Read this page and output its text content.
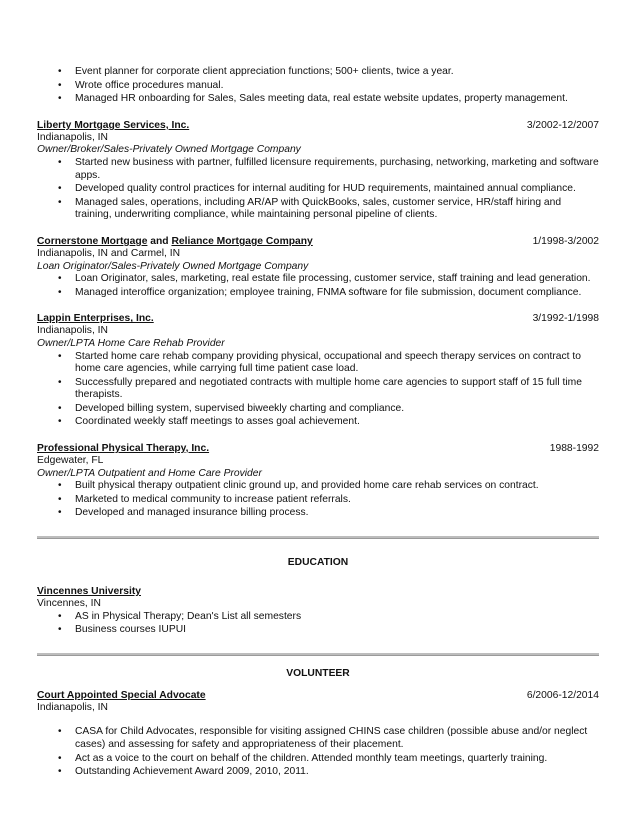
• Event planner for corporate client appreciation functions; 500+ clients, twice a year.
• Wrote office procedures manual.
• Managed HR onboarding for Sales, Sales meeting data, real estate website updates, property management.
Liberty Mortgage Services, Inc.	3/2002-12/2007
Indianapolis, IN
Owner/Broker/Sales-Privately Owned Mortgage Company
• Started new business with partner, fulfilled licensure requirements, purchasing, networking, marketing and software apps.
• Developed quality control practices for internal auditing for HUD requirements, maintained annual compliance.
• Managed sales, operations, including AR/AP with QuickBooks, sales, customer service, HR/staff hiring and training, underwriting compliance, while maintaining personal pipeline of clients.
Cornerstone Mortgage and Reliance Mortgage Company	1/1998-3/2002
Indianapolis, IN and Carmel, IN
Loan Originator/Sales-Privately Owned Mortgage Company
• Loan Originator, sales, marketing, real estate file processing, customer service, staff training and lead generation.
• Managed interoffice organization; employee training, FNMA software for file submission, document compliance.
Lappin Enterprises, Inc.	3/1992-1/1998
Indianapolis, IN
Owner/LPTA Home Care Rehab Provider
• Started home care rehab company providing physical, occupational and speech therapy services on contract to home care agencies, while carrying full time patient case load.
• Successfully prepared and negotiated contracts with multiple home care agencies to support staff of 15 full time therapists.
• Developed billing system, supervised biweekly charting and compliance.
• Coordinated weekly staff meetings to asses goal achievement.
Professional Physical Therapy, Inc.	1988-1992
Edgewater, FL
Owner/LPTA Outpatient and Home Care Provider
• Built physical therapy outpatient clinic ground up, and provided home care rehab services on contract.
• Marketed to medical community to increase patient referrals.
• Developed and managed insurance billing process.
EDUCATION
Vincennes University
Vincennes, IN
• AS in Physical Therapy; Dean's List all semesters
• Business courses IUPUI
VOLUNTEER
Court Appointed Special Advocate	6/2006-12/2014
Indianapolis, IN
• CASA for Child Advocates, responsible for visiting assigned CHINS case children (possible abuse and/or neglect cases) and assessing for safety and appropriateness of their placement.
• Act as a voice to the court on behalf of the children. Attended monthly team meetings, quarterly training.
• Outstanding Achievement Award 2009, 2010, 2011.
